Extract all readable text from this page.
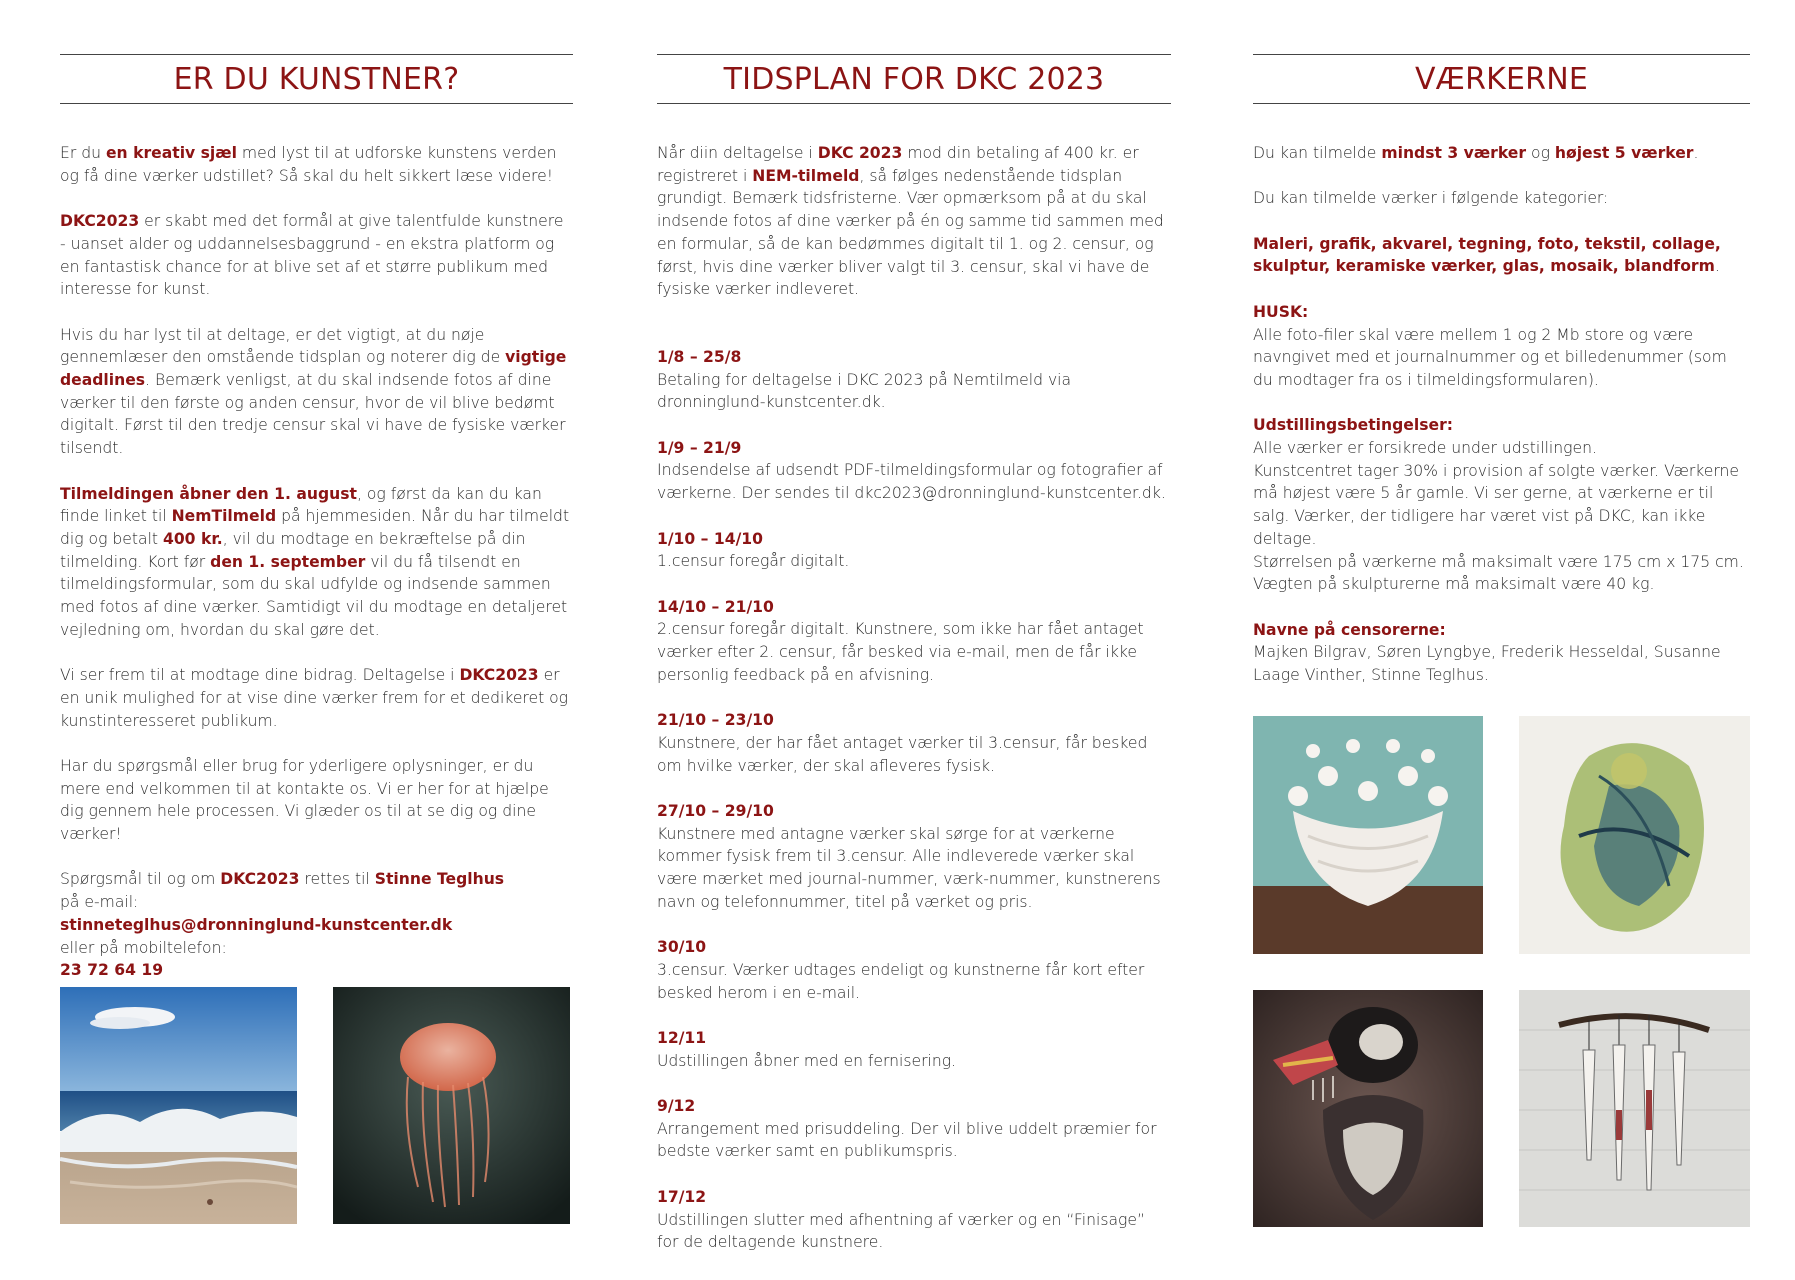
ER DU KUNSTNER?

Er du en kreativ sjæl med lyst til at udforske kunstens verden og få dine værker udstillet? Så skal du helt sikkert læse videre!

DKC2023 er skabt med det formål at give talentfulde kunstnere - uanset alder og uddannelsesbaggrund - en ekstra platform og en fantastisk chance for at blive set af et større publikum med interesse for kunst.

Hvis du har lyst til at deltage, er det vigtigt, at du nøje gennemlæser den omstående tidsplan og noterer dig de vigtige deadlines. Bemærk venligst, at du skal indsende fotos af dine værker til den første og anden censur, hvor de vil blive bedømt digitalt. Først til den tredje censur skal vi have de fysiske værker tilsendt.

Tilmeldingen åbner den 1. august, og først da kan du kan finde linket til NemTilmeld på hjemmesiden. Når du har tilmeldt dig og betalt 400 kr., vil du modtage en bekræftelse på din tilmelding. Kort før den 1. september vil du få tilsendt en tilmeldingsformular, som du skal udfylde og indsende sammen med fotos af dine værker. Samtidigt vil du modtage en detaljeret vejledning om, hvordan du skal gøre det.

Vi ser frem til at modtage dine bidrag. Deltagelse i DKC2023 er en unik mulighed for at vise dine værker frem for et dedikeret og kunstinteresseret publikum.

Har du spørgsmål eller brug for yderligere oplysninger, er du mere end velkommen til at kontakte os. Vi er her for at hjælpe dig gennem hele processen. Vi glæder os til at se dig og dine værker!

Spørgsmål til og om DKC2023 rettes til Stinne Teglhus
på e-mail:
stinneteglhus@dronninglund-kunstcenter.dk
eller på mobiltelefon:
23 72 64 19

TIDSPLAN FOR DKC 2023

Når diin deltagelse i DKC 2023 mod din betaling af 400 kr. er registreret i NEM-tilmeld, så følges nedenstående tidsplan grundigt. Bemærk tidsfristerne. Vær opmærksom på at du skal indsende fotos af dine værker på én og samme tid sammen med en formular, så de kan bedømmes digitalt til 1. og 2. censur, og først, hvis dine værker bliver valgt til 3. censur, skal vi have de fysiske værker indleveret.

1/8 – 25/8
Betaling for deltagelse i DKC 2023 på Nemtilmeld via dronninglund-kunstcenter.dk.
1/9 – 21/9
Indsendelse af udsendt PDF-tilmeldingsformular og fotografier af værkerne. Der sendes til dkc2023@dronninglund-kunstcenter.dk.
1/10 – 14/10
1.censur foregår digitalt.
14/10 – 21/10
2.censur foregår digitalt. Kunstnere, som ikke har fået antaget værker efter 2. censur, får besked via e-mail, men de får ikke personlig feedback på en afvisning.
21/10 – 23/10
Kunstnere, der har fået antaget værker til 3.censur, får besked om hvilke værker, der skal afleveres fysisk.
27/10 – 29/10
Kunstnere med antagne værker skal sørge for at værkerne kommer fysisk frem til 3.censur. Alle indleverede værker skal være mærket med journal-nummer, værk-nummer, kunstnerens navn og telefonnummer, titel på værket og pris.
30/10
3.censur. Værker udtages endeligt og kunstnerne får kort efter besked herom i en e-mail.
12/11
Udstillingen åbner med en fernisering.
9/12
Arrangement med prisuddeling. Der vil blive uddelt præmier for bedste værker samt en publikumspris.
17/12
Udstillingen slutter med afhentning af værker og en “Finisage” for de deltagende kunstnere.
VÆRKERNE

Du kan tilmelde mindst 3 værker og højest 5 værker.

Du kan tilmelde værker i følgende kategorier:

Maleri, grafik, akvarel, tegning, foto, tekstil, collage, skulptur, keramiske værker, glas, mosaik, blandform.

HUSK:
Alle foto-filer skal være mellem 1 og 2 Mb store og være navngivet med et journalnummer og et billedenummer (som du modtager fra os i tilmeldingsformularen).

Udstillingsbetingelser:
Alle værker er forsikrede under udstillingen.
Kunstcentret tager 30% i provision af solgte værker. Værkerne må højest være 5 år gamle. Vi ser gerne, at værkerne er til salg. Værker, der tidligere har været vist på DKC, kan ikke deltage.
Størrelsen på værkerne må maksimalt være 175 cm x 175 cm.
Vægten på skulpturerne må maksimalt være 40 kg.

Navne på censorerne:
Majken Bilgrav, Søren Lyngbye, Frederik Hesseldal, Susanne Laage Vinther, Stinne Teglhus.
